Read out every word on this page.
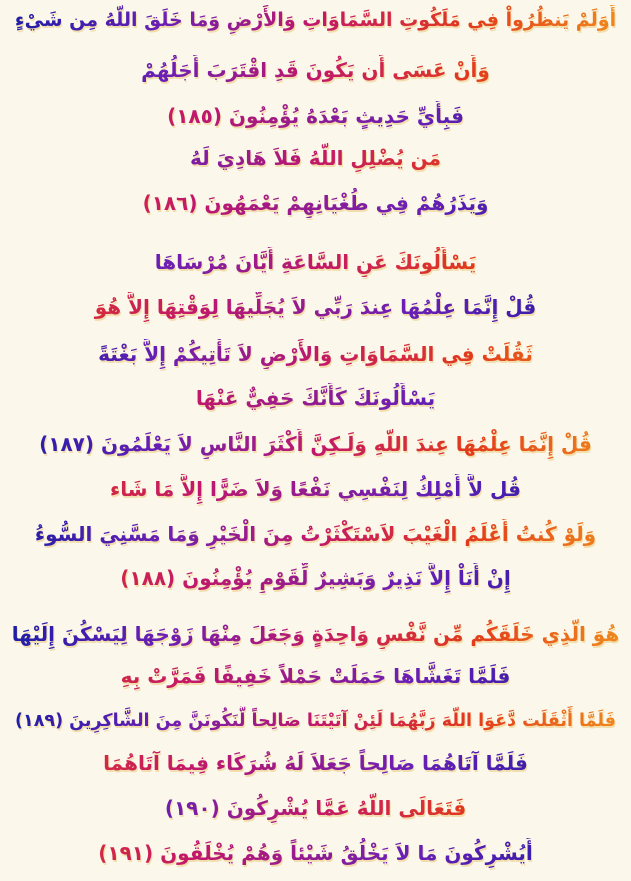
أَوَلَمْ يَنظُرُواْ فِي مَلَكُوتِ السَّمَاوَاتِ وَالأَرْضِ وَمَا خَلَقَ اللّهُ مِن شَيْءٍ
وَأَنْ عَسَى أَن يَكُونَ قَدِ اقْتَرَبَ أَجَلُهُمْ
فَبِأَيِّ حَدِيثٍ بَعْدَهُ يُؤْمِنُونَ (١٨٥)
مَن يُضْلِلِ اللّهُ فَلاَ هَادِيَ لَهُ
وَيَذَرُهُمْ فِي طُغْيَانِهِمْ يَعْمَهُونَ (١٨٦)
يَسْأَلُونَكَ عَنِ السَّاعَةِ أَيَّانَ مُرْسَاهَا
قُلْ إِنَّمَا عِلْمُهَا عِندَ رَبِّي لاَ يُجَلِّيهَا لِوَقْتِهَا إِلاَّ هُوَ
ثَقُلَتْ فِي السَّمَاوَاتِ وَالأَرْضِ لاَ تَأْتِيكُمْ إِلاَّ بَغْتَةً
يَسْأَلُونَكَ كَأَنَّكَ حَفِيٌّ عَنْهَا
قُلْ إِنَّمَا عِلْمُهَا عِندَ اللّهِ وَلَـكِنَّ أَكْثَرَ النَّاسِ لاَ يَعْلَمُونَ (١٨٧)
قُل لاَّ أَمْلِكُ لِنَفْسِي نَفْعًا وَلاَ ضَرًّا إِلاَّ مَا شَاء
وَلَوْ كُنتُ أَعْلَمُ الْغَيْبَ لاَسْتَكْثَرْتُ مِنَ الْخَيْرِ وَمَا مَسَّنِيَ السُّوءُ
إِنْ أَنَاْ إِلاَّ نَذِيرٌ وَبَشِيرٌ لِّقَوْمٍ يُؤْمِنُونَ (١٨٨)
هُوَ الَّذِي خَلَقَكُم مِّن نَّفْسٍ وَاحِدَةٍ وَجَعَلَ مِنْهَا زَوْجَهَا لِيَسْكُنَ إِلَيْهَا
فَلَمَّا تَغَشَّاهَا حَمَلَتْ حَمْلاً خَفِيفًا فَمَرَّتْ بِهِ
فَلَمَّا أَثْقَلَت دَّعَوَا اللّهَ رَبَّهُمَا لَئِنْ آتَيْتَنَا صَالِحاً لَّنَكُونَنَّ مِنَ الشَّاكِرِينَ (١٨٩)
فَلَمَّا آتَاهُمَا صَالِحاً جَعَلاَ لَهُ شُرَكَاء فِيمَا آتَاهُمَا
فَتَعَالَى اللّهُ عَمَّا يُشْرِكُونَ (١٩٠)
أَيُشْرِكُونَ مَا لاَ يَخْلُقُ شَيْئاً وَهُمْ يُخْلَقُونَ (١٩١)
